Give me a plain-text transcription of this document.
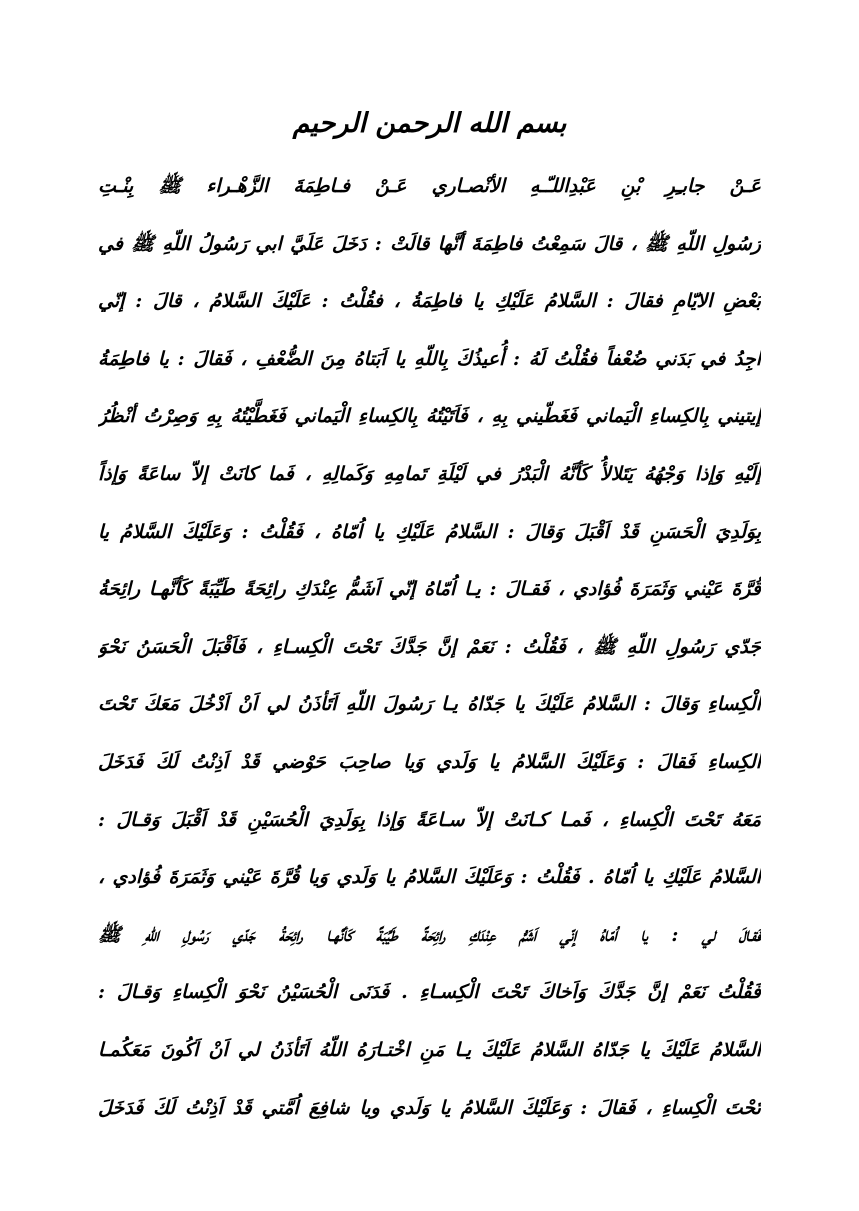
بسم الله الرحمن الرحيم
عَـنْ جابـِرِ بْنِ عَبْدِاللـّـهِ الأنْصـاري عَـنْ فـاطِمَةَ الزَّهْـراء ﷺ بِنْـتِ
رَسُولِ اللّهِ ﷺ ، قالَ سَمِعْتُ فاطِمَةَ أنَّها قالَتْ : دَخَلَ عَلَيَّ ابي رَسُولُ اللّهِ ﷺ في
بَعْضِ الايّامِ فقالَ : السَّلامُ عَلَيْكِ يا فاطِمَةُ ، فقُلْتُ : عَلَيْكَ السَّلامُ ، قالَ : إنّي
اجِدُ في بَدَني ضُعْفاً فقُلْتُ لَهُ : أُعيذُكَ بِاللّهِ يا اَبَتاهُ مِنَ الضُّعْفِ ، فَقالَ : يا فاطِمَةُ
إيتيني بِالكِساءِ الْيَماني فَغَطّيني بِهِ ، فَاَتَيْتُهُ بِالكِساءِ الْيَماني فَغَطَّيْتُهُ بِهِ وَصِرْتُ أنْظُرُ
إلَيْهِ وَإذا وَجْهُهُ يَتَلالأُ كَأنَّهُ الْبَدْرُ في لَيْلَةِ تَمامِهِ وَكَمالِهِ ، فَما كانَتْ إلاّ ساعَةً وَإذاً
بِوَلَدِيَ الْحَسَنِ قَدْ اَقْبَلَ وَقالَ : السَّلامُ عَلَيْكِ يا اُمّاهُ ، فَقُلْتُ : وَعَلَيْكَ السَّلامُ يا
قُرَّةَ عَيْني وَثَمَرَةَ فُؤادي ، فَقـالَ : يـا اُمّاهُ إنّي اَشَمُّ عِنْدَكِ رائِحَةً طَيِّبَةً كَأنَّهـا رائِحَةُ
جَدّي رَسُولِ اللّهِ ﷺ ، فَقُلْتُ : نَعَمْ إنَّ جَدَّكَ تَحْتَ الْكِسـاءِ ، فَاَقْبَلَ الْحَسَنُ نَحْوَ
الْكِساءِ وَقالَ : السَّلامُ عَلَيْكَ يا جَدّاهُ يـا رَسُولَ اللّهِ اَتَأذَنُ لي اَنْ اَدْخُلَ مَعَكَ تَحْتَ
الكِساءِ فَقالَ : وَعَلَيْكَ السَّلامُ يا وَلَدي وَيا صاحِبَ حَوْضي قَدْ اَذِنْتُ لَكَ فَدَخَلَ
مَعَهُ تَحْتَ الْكِساءِ ، فَمـا كـانَتْ إلاّ سـاعَةً وَإذا بِوَلَدِيَ الْحُسَيْنِ قَدْ اَقْبَلَ وَقـالَ :
السَّلامُ عَلَيْكِ يا اُمّاهُ . فَقُلْتُ : وَعَلَيْكَ السَّلامُ يا وَلَدي وَيا قُرَّةَ عَيْني وَثَمَرَةَ فُؤادي ،
فَقـالَ لي : يا اُمّاهُ إنّي اَشَمُّ عِنْدَكِ رائِحَةً طَيِّبَةً كَأنَّهـا رائِحَةُ جَدّي رَسُولِ اللّهِ ﷺ
فَقُلْتُ نَعَمْ إنَّ جَدَّكَ وَاَخاكَ تَحْتَ الْكِسـاءِ . فَدَنَى الْحُسَيْنُ نَحْوَ الْكِساءِ وَقـالَ :
السَّلامُ عَلَيْكَ يا جَدّاهُ السَّلامُ عَلَيْكَ يـا مَنِ اخْتـارَهُ اللّهُ اَتَأذَنُ لي اَنْ اَكُونَ مَعَكُمـا
تَحْتَ الْكِساءِ ، فَقالَ : وَعَلَيْكَ السَّلامُ يا وَلَدي ويا شافِعَ اُمَّتي قَدْ اَذِنْتُ لَكَ فَدَخَلَ
